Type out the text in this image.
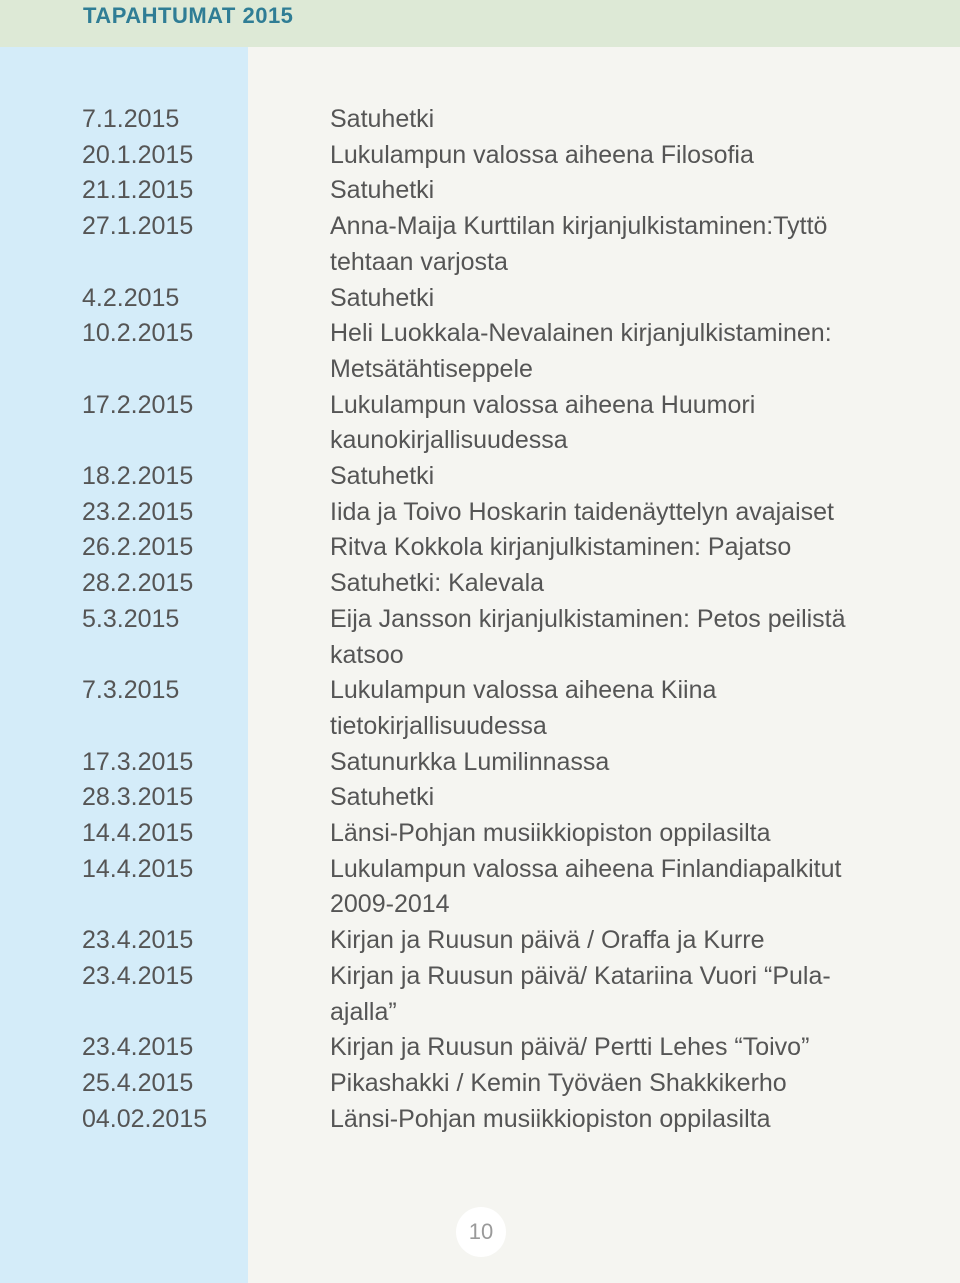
TAPAHTUMAT 2015
7.1.2015	Satuhetki
20.1.2015	Lukulampun valossa aiheena Filosofia
21.1.2015	Satuhetki
27.1.2015	Anna-Maija Kurttilan kirjanjulkistaminen:Tyttö tehtaan varjosta
4.2.2015	Satuhetki
10.2.2015	Heli Luokkala-Nevalainen kirjanjulkistaminen: Metsätähtiseppele
17.2.2015	Lukulampun valossa aiheena Huumori kaunokirjallisuudessa
18.2.2015	Satuhetki
23.2.2015	Iida ja Toivo Hoskarin taidenäyttelyn avajaiset
26.2.2015	Ritva Kokkola kirjanjulkistaminen: Pajatso
28.2.2015	Satuhetki: Kalevala
5.3.2015	Eija Jansson kirjanjulkistaminen: Petos peilistä katsoo
7.3.2015	Lukulampun valossa aiheena Kiina tietokirjallisuudessa
17.3.2015	Satunurkka Lumilinnassa
28.3.2015	Satuhetki
14.4.2015	Länsi-Pohjan musiikkiopiston oppilasilta
14.4.2015	Lukulampun valossa aiheena Finlandiapalkitut 2009-2014
23.4.2015	Kirjan ja Ruusun päivä / Oraffa ja Kurre
23.4.2015	Kirjan ja Ruusun päivä/ Katariina Vuori “Pula-ajalla”
23.4.2015	Kirjan ja Ruusun päivä/ Pertti Lehes “Toivo”
25.4.2015	Pikashakki / Kemin Työväen Shakkikerho
04.02.2015	Länsi-Pohjan musiikkiopiston oppilasilta
10
